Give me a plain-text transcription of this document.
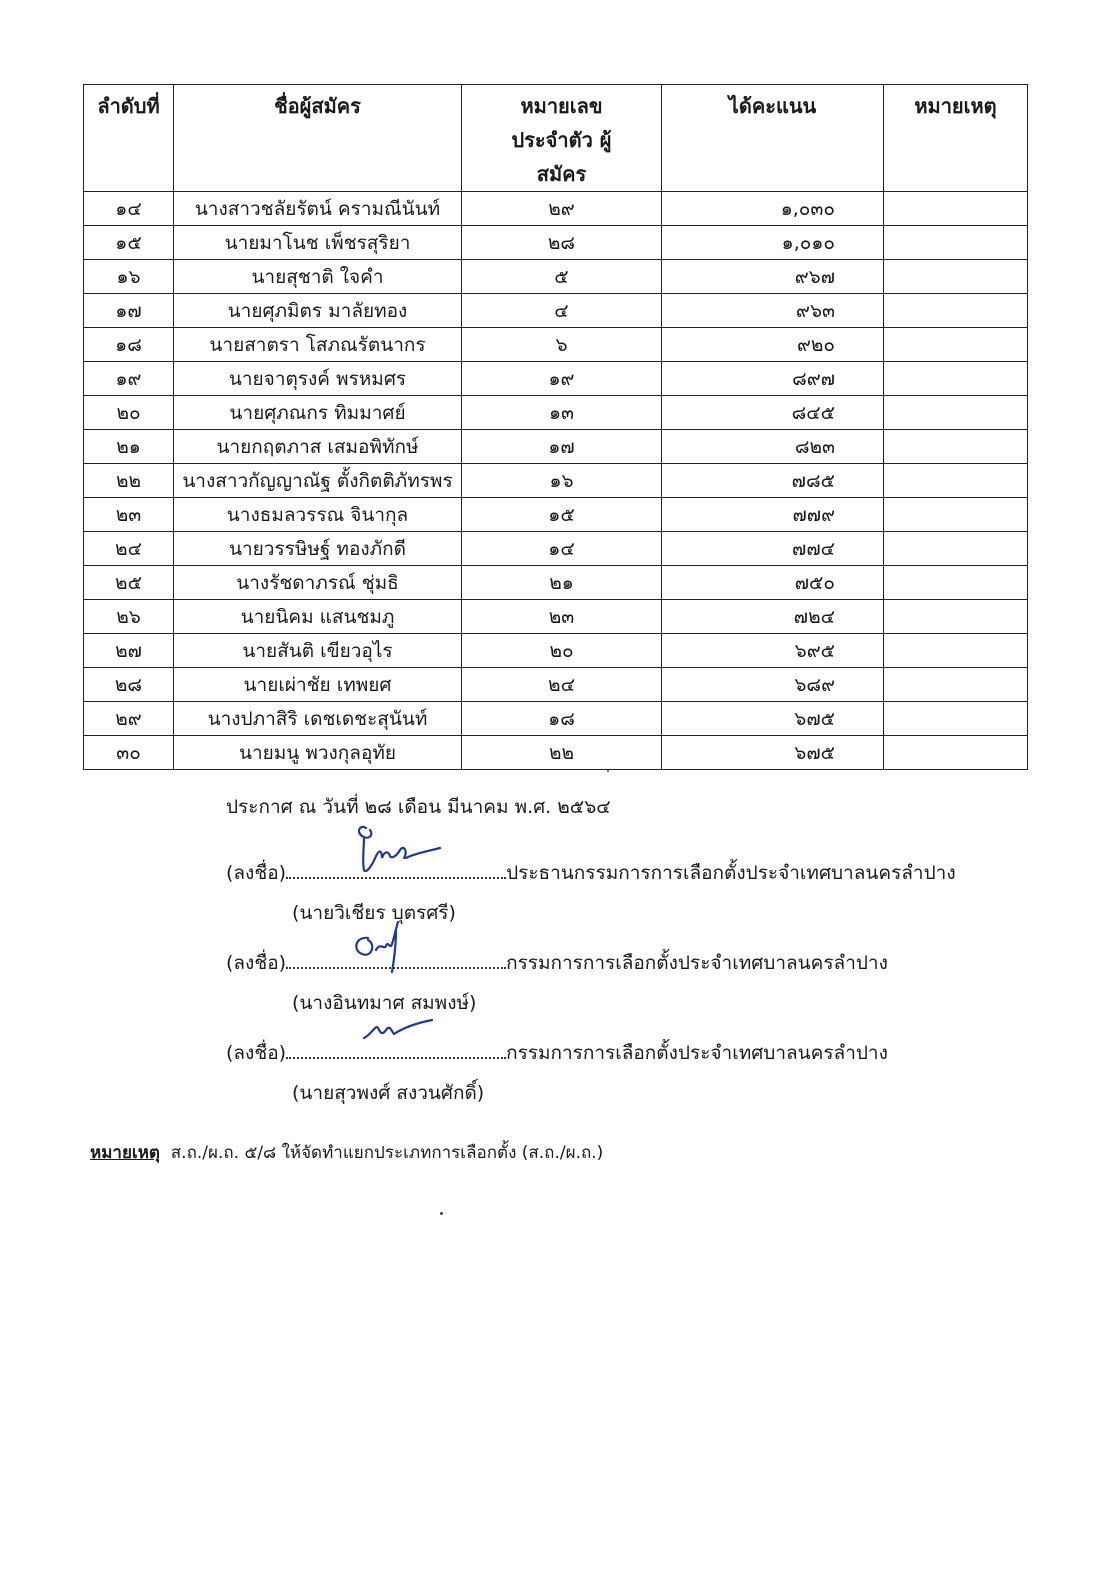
ลำดับที่	ชื่อผู้สมัคร	หมายเลขประจำตัว ผู้สมัคร	ได้คะแนน	หมายเหตุ
๑๔	นางสาวชลัยรัตน์ ครามณีนันท์	๒๙	๑,๐๓๐	
๑๕	นายมาโนช เพ็ชรสุริยา	๒๘	๑,๐๑๐	
๑๖	นายสุชาติ ใจคำ	๕	๙๖๗	
๑๗	นายศุภมิตร มาลัยทอง	๔	๙๖๓	
๑๘	นายสาตรา โสภณรัตนากร	๖	๙๒๐	
๑๙	นายจาตุรงค์ พรหมศร	๑๙	๘๙๗	
๒๐	นายศุภณกร ทิมมาศย์	๑๓	๘๔๕	
๒๑	นายกฤตภาส เสมอพิทักษ์	๑๗	๘๒๓	
๒๒	นางสาวกัญญาณัฐ ตั้งกิตติภัทรพร	๑๖	๗๘๕	
๒๓	นางธมลวรรณ จินากุล	๑๕	๗๗๙	
๒๔	นายวรรษิษฐ์ ทองภักดี	๑๔	๗๗๔	
๒๕	นางรัชดาภรณ์ ชุ่มธิ	๒๑	๗๕๐	
๒๖	นายนิคม แสนชมภู	๒๓	๗๒๔	
๒๗	นายสันติ เขียวอุไร	๒๐	๖๙๕	
๒๘	นายเผ่าชัย เทพยศ	๒๔	๖๘๙	
๒๙	นางปภาสิริ เดชเดชะสุนันท์	๑๘	๖๗๕	
๓๐	นายมนู พวงกุลอุทัย	๒๒	๖๗๕	
ประกาศ ณ วันที่ ๒๘ เดือน มีนาคม พ.ศ. ๒๕๖๔
(ลงชื่อ)	ประธานกรรมการการเลือกตั้งประจำเทศบาลนครลำปาง
(นายวิเชียร บุตรศรี)
(ลงชื่อ)	กรรมการการเลือกตั้งประจำเทศบาลนครลำปาง
(นางอินทมาศ สมพงษ์)
(ลงชื่อ)	กรรมการการเลือกตั้งประจำเทศบาลนครลำปาง
(นายสุวพงศ์ สงวนศักดิ์)
หมายเหตุ ส.ถ./ผ.ถ. ๕/๘ ให้จัดทำแยกประเภทการเลือกตั้ง (ส.ถ./ผ.ถ.)
